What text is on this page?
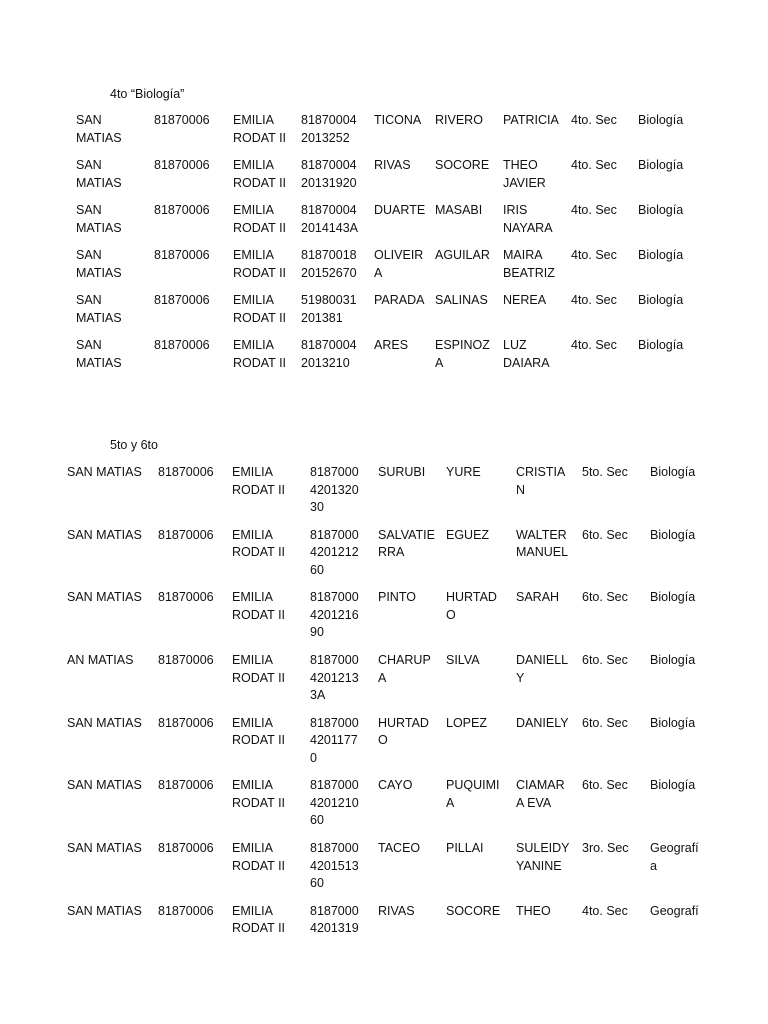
4to “Biología”
SAN
MATIAS	81870006	EMILIA
RODAT II	81870004
2013252	TICONA	RIVERO	PATRICIA	4to. Sec	Biología
SAN
MATIAS	81870006	EMILIA
RODAT II	81870004
20131920	RIVAS	SOCORE	THEO
JAVIER	4to. Sec	Biología
SAN
MATIAS	81870006	EMILIA
RODAT II	81870004
2014143A	DUARTE	MASABI	IRIS
NAYARA	4to. Sec	Biología
SAN
MATIAS	81870006	EMILIA
RODAT II	81870018
20152670	OLIVEIR
A	AGUILAR	MAIRA
BEATRIZ	4to. Sec	Biología
SAN
MATIAS	81870006	EMILIA
RODAT II	51980031
201381	PARADA	SALINAS	NEREA	4to. Sec	Biología
SAN
MATIAS	81870006	EMILIA
RODAT II	81870004
2013210	ARES	ESPINOZ
A	LUZ
DAIARA	4to. Sec	Biología
5to y 6to
SAN MATIAS	81870006	EMILIA
RODAT II	8187000
4201320
30	SURUBI	YURE	CRISTIA
N	5to. Sec	Biología
SAN MATIAS	81870006	EMILIA
RODAT II	8187000
4201212
60	SALVATIE
RRA	EGUEZ	WALTER
MANUEL	6to. Sec	Biología
SAN MATIAS	81870006	EMILIA
RODAT II	8187000
4201216
90	PINTO	HURTAD
O	SARAH	6to. Sec	Biología
AN MATIAS	81870006	EMILIA
RODAT II	8187000
4201213
3A	CHARUP
A	SILVA	DANIELL
Y	6to. Sec	Biología
SAN MATIAS	81870006	EMILIA
RODAT II	8187000
4201177
0	HURTAD
O	LOPEZ	DANIELY	6to. Sec	Biología
SAN MATIAS	81870006	EMILIA
RODAT II	8187000
4201210
60	CAYO	PUQUIMI
A	CIAMAR
A EVA	6to. Sec	Biología
SAN MATIAS	81870006	EMILIA
RODAT II	8187000
4201513
60	TACEO	PILLAI	SULEIDY
YANINE	3ro. Sec	Geografí
a
SAN MATIAS	81870006	EMILIA
RODAT II	8187000
4201319	RIVAS	SOCORE	THEO	4to. Sec	Geografí
